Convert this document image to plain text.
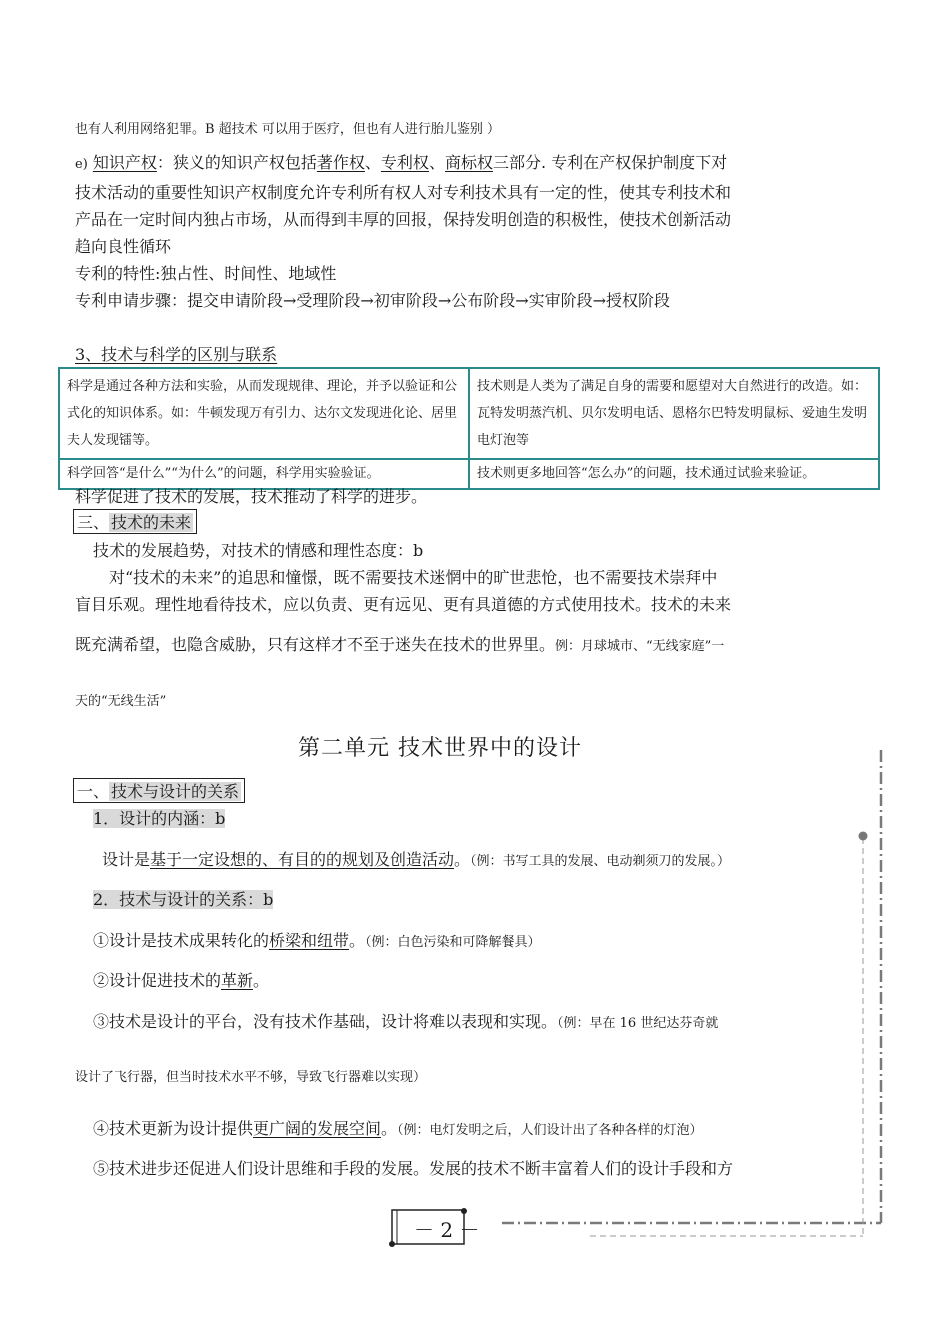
也有人利用网络犯罪。B 超技术 可以用于医疗，但也有人进行胎儿鉴别 ）
e) 知识产权：狭义的知识产权包括著作权、专利权、商标权三部分. 专利在产权保护制度下对
技术活动的重要性知识产权制度允许专利所有权人对专利技术具有一定的性，使其专利技术和
产品在一定时间内独占市场，从而得到丰厚的回报，保持发明创造的积极性，使技术创新活动
趋向良性循环
专利的特性:独占性、时间性、地域性
专利申请步骤：提交申请阶段→受理阶段→初审阶段→公布阶段→实审阶段→授权阶段
3、技术与科学的区别与联系
科学是通过各种方法和实验，从而发现规律、理论，并予以验证和公式化的知识体系。如：牛顿发现万有引力、达尔文发现进化论、居里夫人发现镭等。	技术则是人类为了满足自身的需要和愿望对大自然进行的改造。如：瓦特发明蒸汽机、贝尔发明电话、恩格尔巴特发明鼠标、爱迪生发明电灯泡等
科学回答“是什么”“为什么”的问题，科学用实验验证。	技术则更多地回答“怎么办”的问题，技术通过试验来验证。
科学促进了技术的发展，技术推动了科学的进步。
三、 技术的未来
技术的发展趋势，对技术的情感和理性态度：b
对“技术的未来”的追思和憧憬，既不需要技术迷惘中的旷世悲怆，也不需要技术崇拜中
盲目乐观。理性地看待技术，应以负责、更有远见、更有具道德的方式使用技术。技术的未来
既充满希望，也隐含威胁，只有这样才不至于迷失在技术的世界里。例：月球城市、“无线家庭”一
天的“无线生活”
第二单元 技术世界中的设计
一、 技术与设计的关系
1．设计的内涵：b
设计是基于一定设想的、有目的的规划及创造活动。（例：书写工具的发展、电动剃须刀的发展。）
2．技术与设计的关系：b
①设计是技术成果转化的桥梁和纽带。（例：白色污染和可降解餐具）
②设计促进技术的革新。
③技术是设计的平台，没有技术作基础，设计将难以表现和实现。（例：早在 16 世纪达芬奇就
设计了飞行器，但当时技术水平不够，导致飞行器难以实现）
④技术更新为设计提供更广阔的发展空间。（例：电灯发明之后，人们设计出了各种各样的灯泡）
⑤技术进步还促进人们设计思维和手段的发展。发展的技术不断丰富着人们的设计手段和方
－ 2 －
